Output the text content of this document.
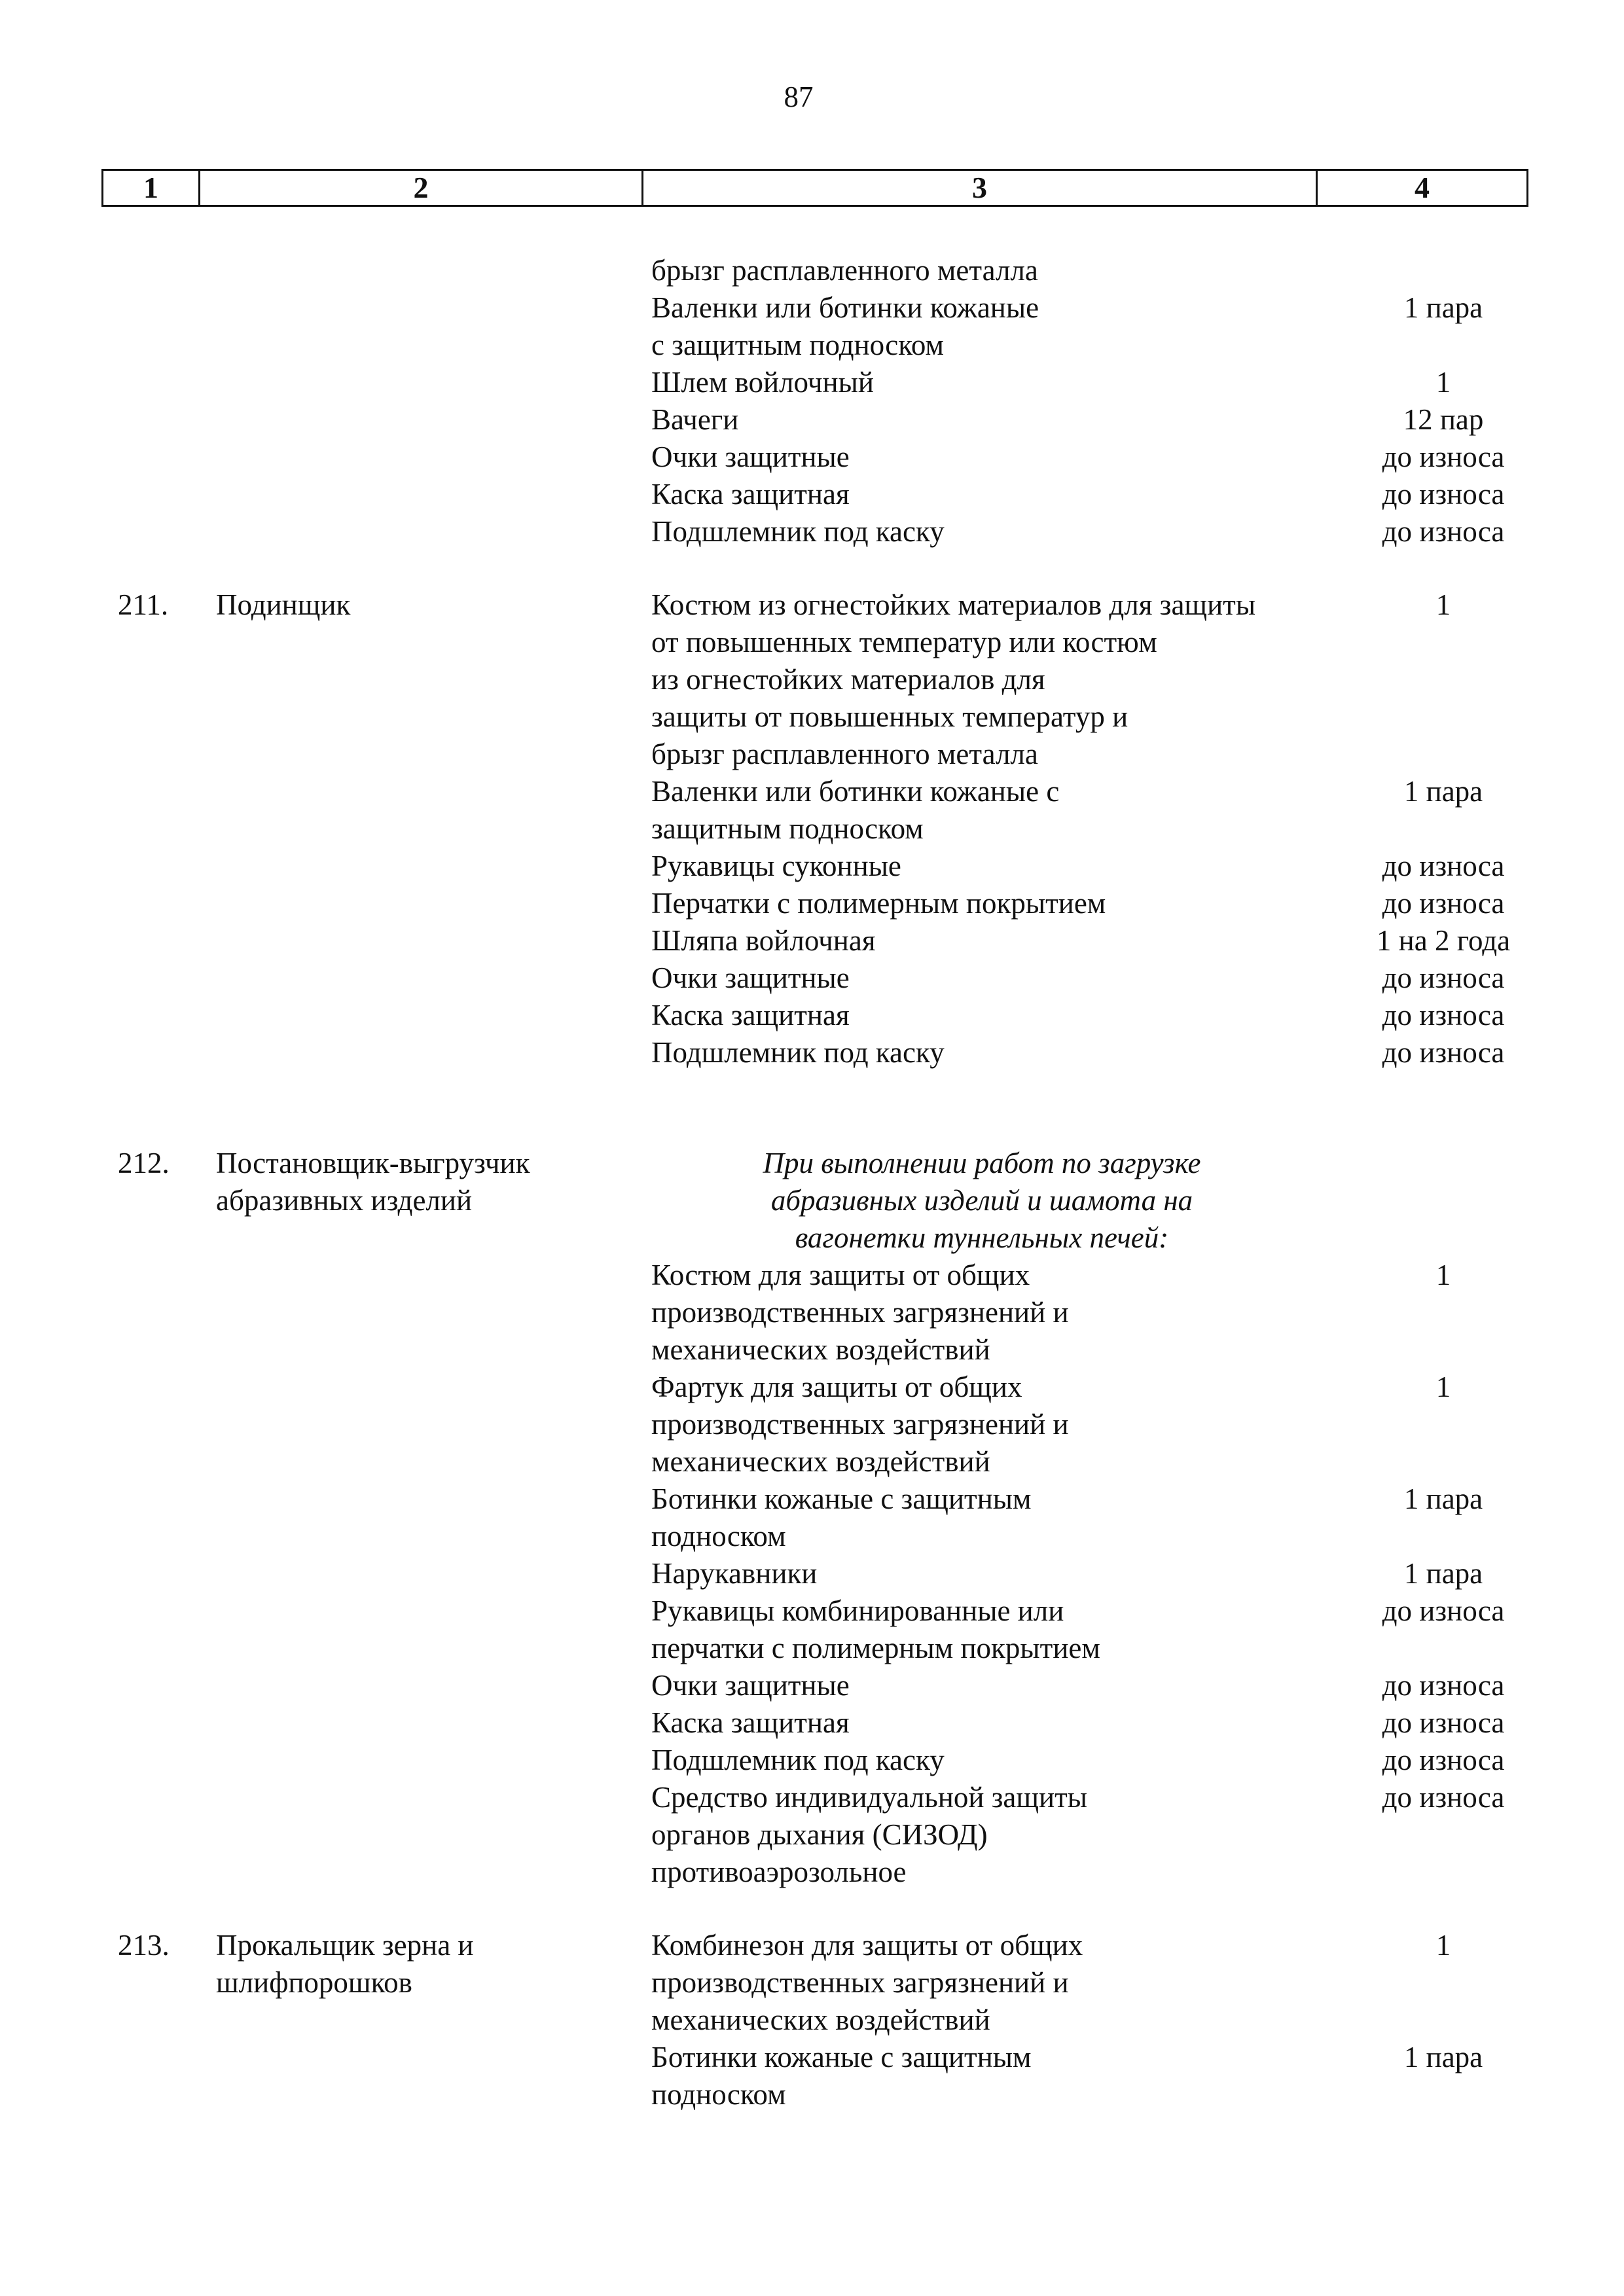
87
1	2	3	4
брызг расплавленного металла
Валенки или ботинки кожаные	1 пара
с защитным подноском
Шлем войлочный	1
Вачеги	12 пар
Очки защитные	до износа
Каска защитная	до износа
Подшлемник под каску	до износа
211. Подинщик	Костюм из огнестойких материалов для защиты	1
от повышенных температур или костюм
из огнестойких материалов для
защиты от повышенных температур и
брызг расплавленного металла
Валенки или ботинки кожаные с	1 пара
защитным подноском
Рукавицы суконные	до износа
Перчатки с полимерным покрытием	до износа
Шляпа войлочная	1 на 2 года
Очки защитные	до износа
Каска защитная	до износа
Подшлемник под каску	до износа
212. Постановщик-выгрузчик	При выполнении работ по загрузке
абразивных изделий	абразивных изделий и шамота на
вагонетки туннельных печей:
Костюм для защиты от общих	1
производственных загрязнений и
механических воздействий
Фартук для защиты от общих	1
производственных загрязнений и
механических воздействий
Ботинки кожаные с защитным	1 пара
подноском
Нарукавники	1 пара
Рукавицы комбинированные или	до износа
перчатки с полимерным покрытием
Очки защитные	до износа
Каска защитная	до износа
Подшлемник под каску	до износа
Средство индивидуальной защиты	до износа
органов дыхания (СИЗОД)
противоаэрозольное
213. Прокальщик зерна и	Комбинезон для защиты от общих	1
шлифпорошков	производственных загрязнений и
механических воздействий
Ботинки кожаные с защитным	1 пара
подноском
